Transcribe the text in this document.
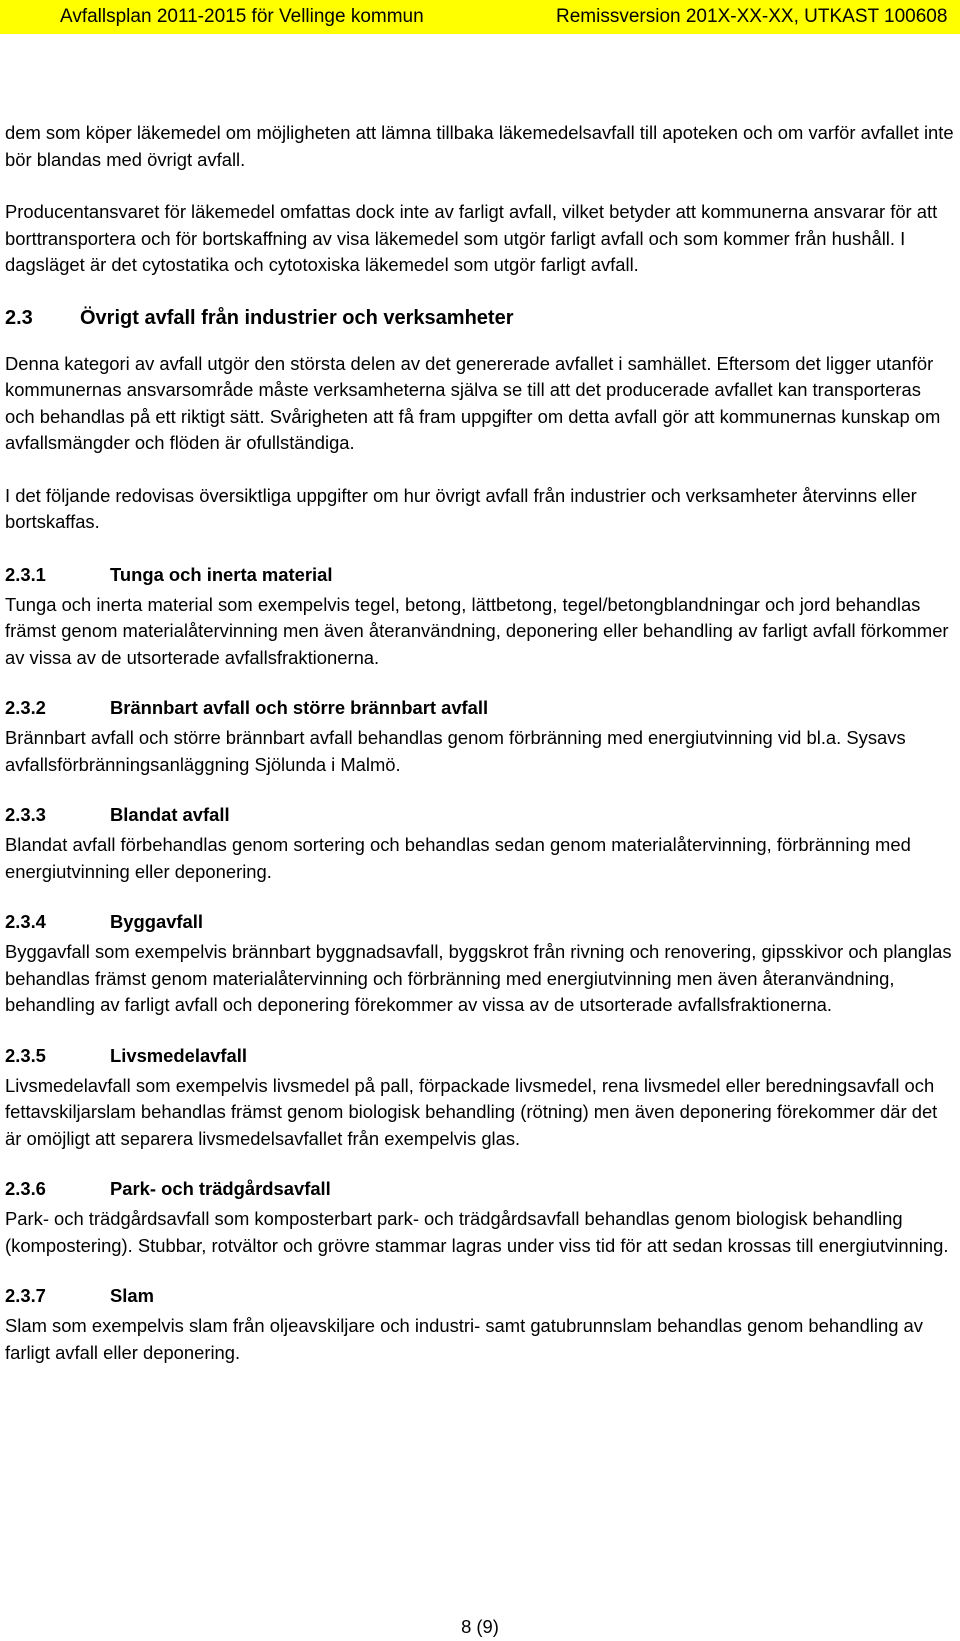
Avfallsplan 2011-2015 för Vellinge kommun	Remissversion 201X-XX-XX, UTKAST 100608

dem som köper läkemedel om möjligheten att lämna tillbaka läkemedelsavfall till apoteken och om varför avfallet inte bör blandas med övrigt avfall.

Producentansvaret för läkemedel omfattas dock inte av farligt avfall, vilket betyder att kommunerna ansvarar för att borttransportera och för bortskaffning av visa läkemedel som utgör farligt avfall och som kommer från hushåll. I dagsläget är det cytostatika och cytotoxiska läkemedel som utgör farligt avfall.

2.3	Övrigt avfall från industrier och verksamheter

Denna kategori av avfall utgör den största delen av det genererade avfallet i samhället. Eftersom det ligger utanför kommunernas ansvarsområde måste verksamheterna själva se till att det producerade avfallet kan transporteras och behandlas på ett riktigt sätt. Svårigheten att få fram uppgifter om detta avfall gör att kommunernas kunskap om avfallsmängder och flöden är ofullständiga.

I det följande redovisas översiktliga uppgifter om hur övrigt avfall från industrier och verksamheter återvinns eller bortskaffas.

2.3.1	Tunga och inerta material

Tunga och inerta material som exempelvis tegel, betong, lättbetong, tegel/betongblandningar och jord behandlas främst genom materialåtervinning men även återanvändning, deponering eller behandling av farligt avfall förkommer av vissa av de utsorterade avfallsfraktionerna.

2.3.2	Brännbart avfall och större brännbart avfall

Brännbart avfall och större brännbart avfall behandlas genom förbränning med energiutvinning vid bl.a. Sysavs avfallsförbränningsanläggning Sjölunda i Malmö.

2.3.3	Blandat avfall

Blandat avfall förbehandlas genom sortering och behandlas sedan genom materialåtervinning, förbränning med energiutvinning eller deponering.

2.3.4	Byggavfall

Byggavfall som exempelvis brännbart byggnadsavfall, byggskrot från rivning och renovering, gipsskivor och planglas behandlas främst genom materialåtervinning och förbränning med energiutvinning men även återanvändning, behandling av farligt avfall och deponering förekommer av vissa av de utsorterade avfallsfraktionerna.

2.3.5	Livsmedelavfall

Livsmedelavfall som exempelvis livsmedel på pall, förpackade livsmedel, rena livsmedel eller beredningsavfall och fettavskiljarslam behandlas främst genom biologisk behandling (rötning) men även deponering förekommer där det är omöjligt att separera livsmedelsavfallet från exempelvis glas.

2.3.6	Park- och trädgårdsavfall

Park- och trädgårdsavfall som komposterbart park- och trädgårdsavfall behandlas genom biologisk behandling (kompostering). Stubbar, rotvältor och grövre stammar lagras under viss tid för att sedan krossas till energiutvinning.

2.3.7	Slam

Slam som exempelvis slam från oljeavskiljare och industri- samt gatubrunnslam behandlas genom behandling av farligt avfall eller deponering.

8 (9)
